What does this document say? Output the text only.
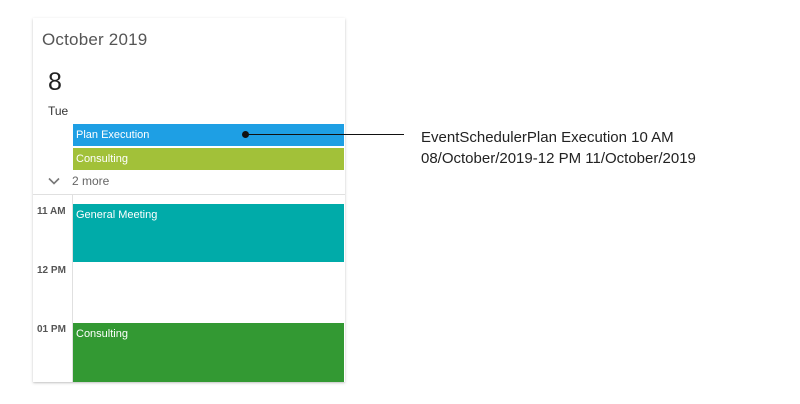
October 2019
8
Tue
Plan Execution
Consulting
2 more
11 AM
12 PM
01 PM
General Meeting
Consulting
EventSchedulerPlan Execution 10 AM
08/October/2019-12 PM 11/October/2019
